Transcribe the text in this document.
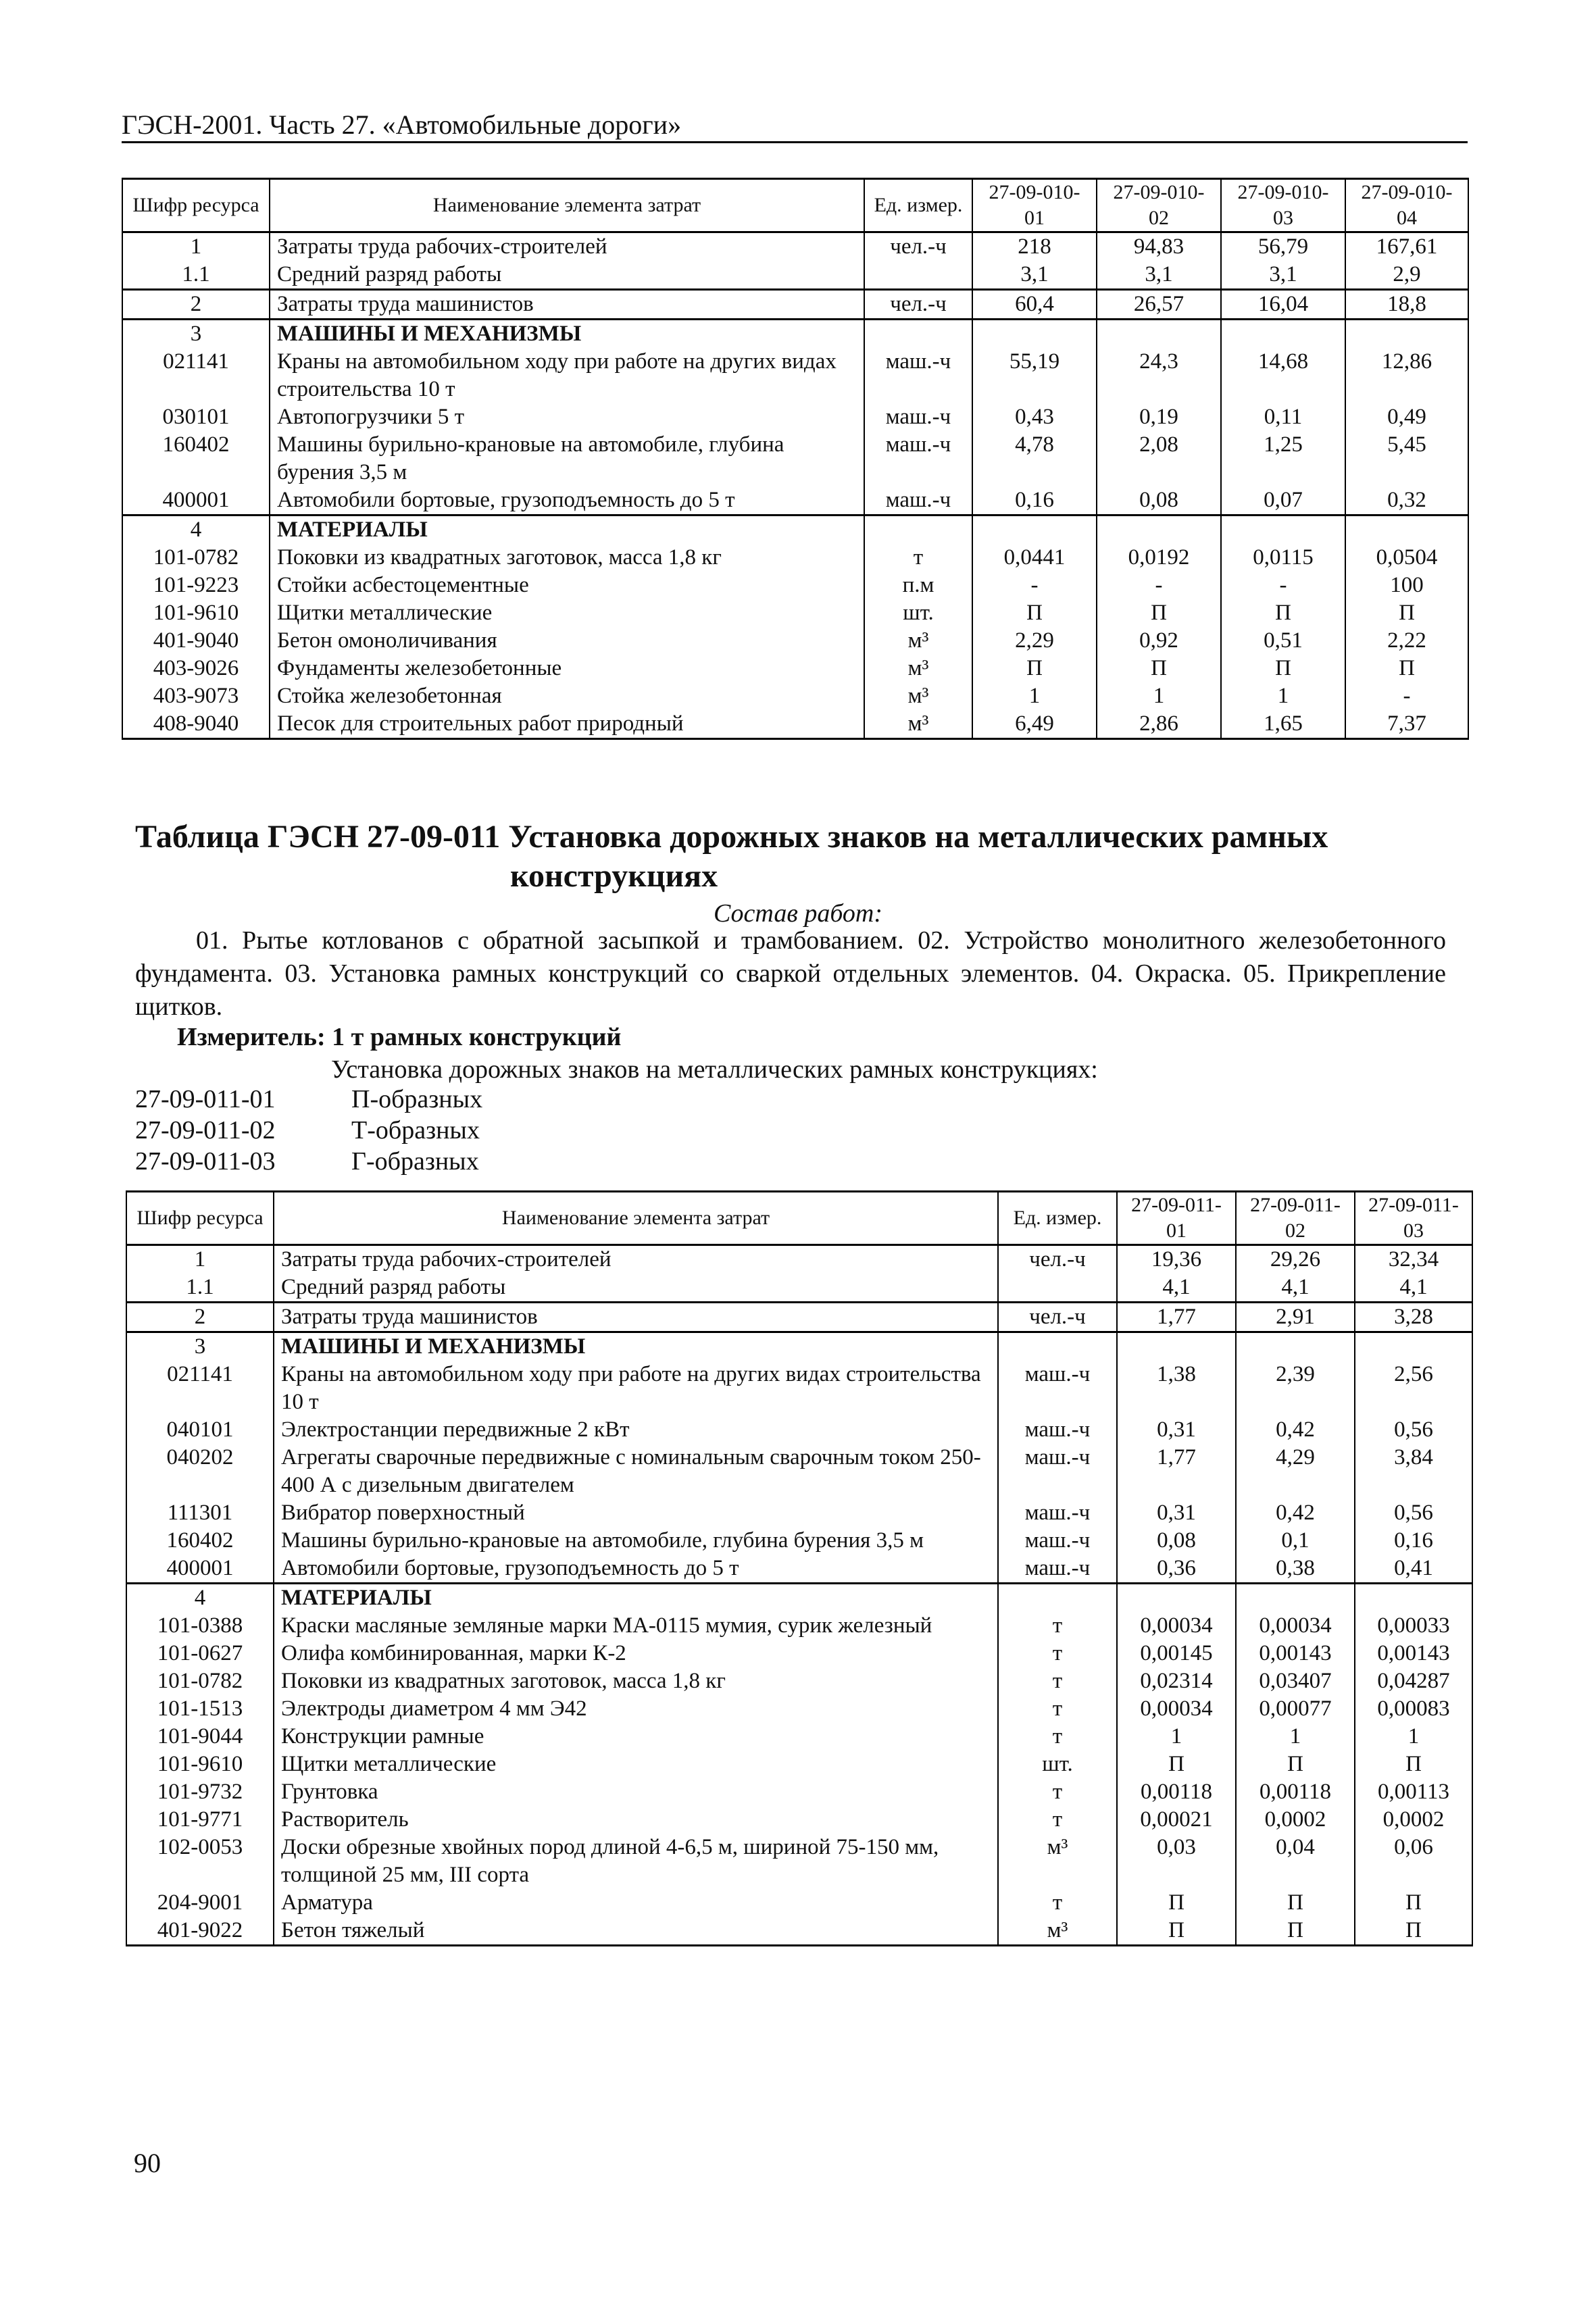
ГЭСН-2001. Часть 27. «Автомобильные дороги»
Шифр ресурса	Наименование элемента затрат	Ед. измер.	27-09-010-01	27-09-010-02	27-09-010-03	27-09-010-04
1	Затраты труда рабочих-строителей	чел.-ч	218	94,83	56,79	167,61
1.1	Средний разряд работы		3,1	3,1	3,1	2,9
2	Затраты труда машинистов	чел.-ч	60,4	26,57	16,04	18,8
3	МАШИНЫ И МЕХАНИЗМЫ					
021141	Краны на автомобильном ходу при работе на других видах строительства 10 т	маш.-ч	55,19	24,3	14,68	12,86
030101	Автопогрузчики 5 т	маш.-ч	0,43	0,19	0,11	0,49
160402	Машины бурильно-крановые на автомобиле, глубина бурения 3,5 м	маш.-ч	4,78	2,08	1,25	5,45
400001	Автомобили бортовые, грузоподъемность до 5 т	маш.-ч	0,16	0,08	0,07	0,32
4	МАТЕРИАЛЫ					
101-0782	Поковки из квадратных заготовок, масса 1,8 кг	т	0,0441	0,0192	0,0115	0,0504
101-9223	Стойки асбестоцементные	п.м	-	-	-	100
101-9610	Щитки металлические	шт.	П	П	П	П
401-9040	Бетон омоноличивания	м³	2,29	0,92	0,51	2,22
403-9026	Фундаменты железобетонные	м³	П	П	П	П
403-9073	Стойка железобетонная	м³	1	1	1	-
408-9040	Песок для строительных работ природный	м³	6,49	2,86	1,65	7,37
Таблица ГЭСН 27-09-011 Установка дорожных знаков на металлических рамных
конструкциях
Состав работ:
01. Рытье котлованов с обратной засыпкой и трамбованием. 02. Устройство монолитного железобетонного фундамента. 03. Установка рамных конструкций со сваркой отдельных элементов. 04. Окраска. 05. Прикрепление щитков.
Измеритель: 1 т рамных конструкций
Установка дорожных знаков на металлических рамных конструкциях:
27-09-011-01	П-образных
27-09-011-02	Т-образных
27-09-011-03	Г-образных
Шифр ресурса	Наименование элемента затрат	Ед. измер.	27-09-011-01	27-09-011-02	27-09-011-03
1	Затраты труда рабочих-строителей	чел.-ч	19,36	29,26	32,34
1.1	Средний разряд работы		4,1	4,1	4,1
2	Затраты труда машинистов	чел.-ч	1,77	2,91	3,28
3	МАШИНЫ И МЕХАНИЗМЫ				
021141	Краны на автомобильном ходу при работе на других видах строительства 10 т	маш.-ч	1,38	2,39	2,56
040101	Электростанции передвижные 2 кВт	маш.-ч	0,31	0,42	0,56
040202	Агрегаты сварочные передвижные с номинальным сварочным током 250-400 А с дизельным двигателем	маш.-ч	1,77	4,29	3,84
111301	Вибратор поверхностный	маш.-ч	0,31	0,42	0,56
160402	Машины бурильно-крановые на автомобиле, глубина бурения 3,5 м	маш.-ч	0,08	0,1	0,16
400001	Автомобили бортовые, грузоподъемность до 5 т	маш.-ч	0,36	0,38	0,41
4	МАТЕРИАЛЫ				
101-0388	Краски масляные земляные марки МА-0115 мумия, сурик железный	т	0,00034	0,00034	0,00033
101-0627	Олифа комбинированная, марки К-2	т	0,00145	0,00143	0,00143
101-0782	Поковки из квадратных заготовок, масса 1,8 кг	т	0,02314	0,03407	0,04287
101-1513	Электроды диаметром 4 мм Э42	т	0,00034	0,00077	0,00083
101-9044	Конструкции рамные	т	1	1	1
101-9610	Щитки металлические	шт.	П	П	П
101-9732	Грунтовка	т	0,00118	0,00118	0,00113
101-9771	Растворитель	т	0,00021	0,0002	0,0002
102-0053	Доски обрезные хвойных пород длиной 4-6,5 м, шириной 75-150 мм, толщиной 25 мм, III сорта	м³	0,03	0,04	0,06
204-9001	Арматура	т	П	П	П
401-9022	Бетон тяжелый	м³	П	П	П
90
